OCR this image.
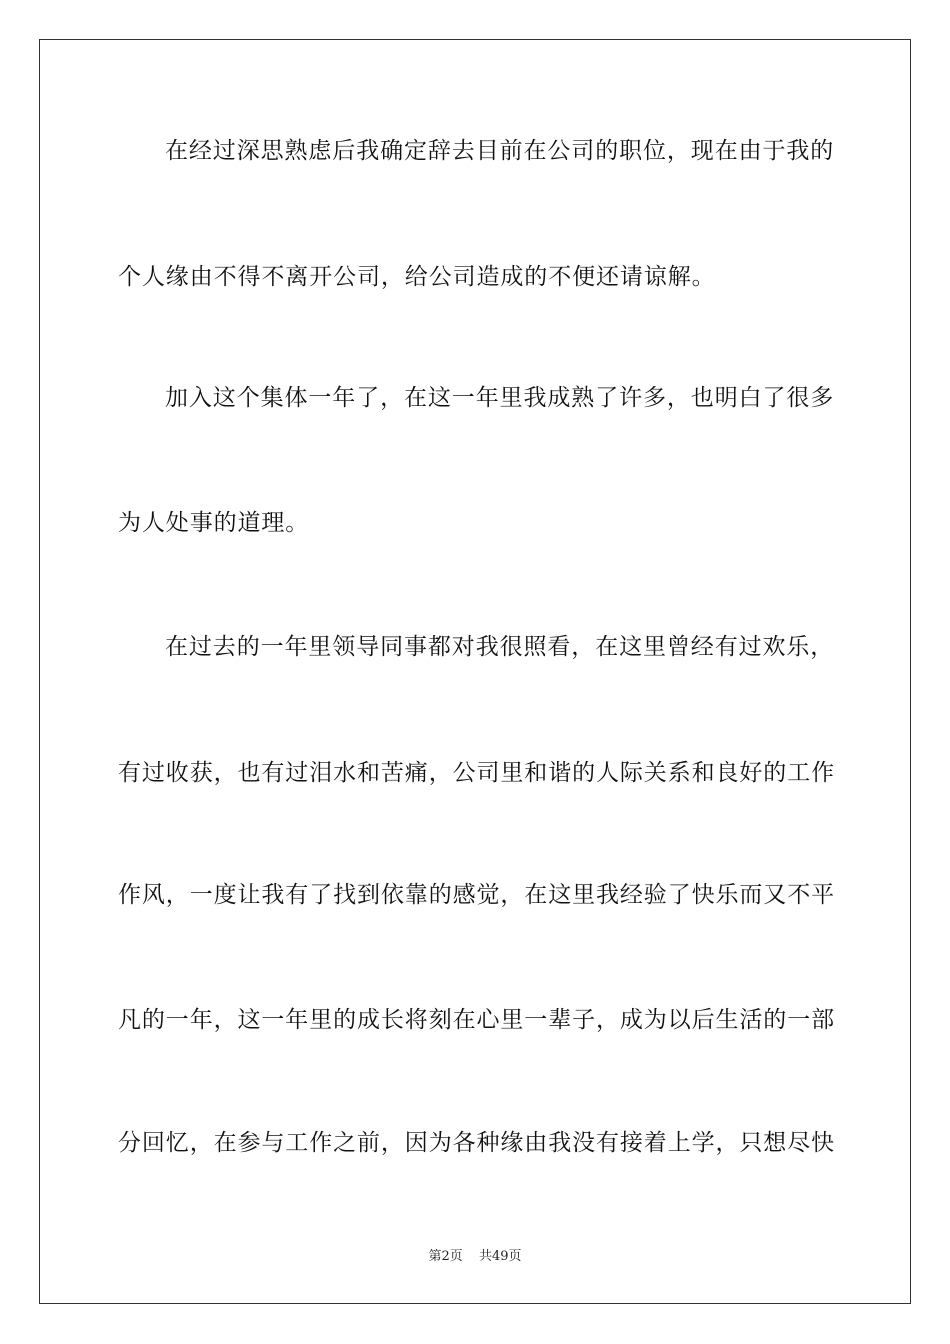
在经过深思熟虑后我确定辞去目前在公司的职位，现在由于我的
个人缘由不得不离开公司，给公司造成的不便还请谅解。
加入这个集体一年了，在这一年里我成熟了许多，也明白了很多
为人处事的道理。
在过去的一年里领导同事都对我很照看，在这里曾经有过欢乐，
有过收获，也有过泪水和苦痛，公司里和谐的人际关系和良好的工作
作风，一度让我有了找到依靠的感觉，在这里我经验了快乐而又不平
凡的一年，这一年里的成长将刻在心里一辈子，成为以后生活的一部
分回忆，在参与工作之前，因为各种缘由我没有接着上学，只想尽快
第2页 共49页
